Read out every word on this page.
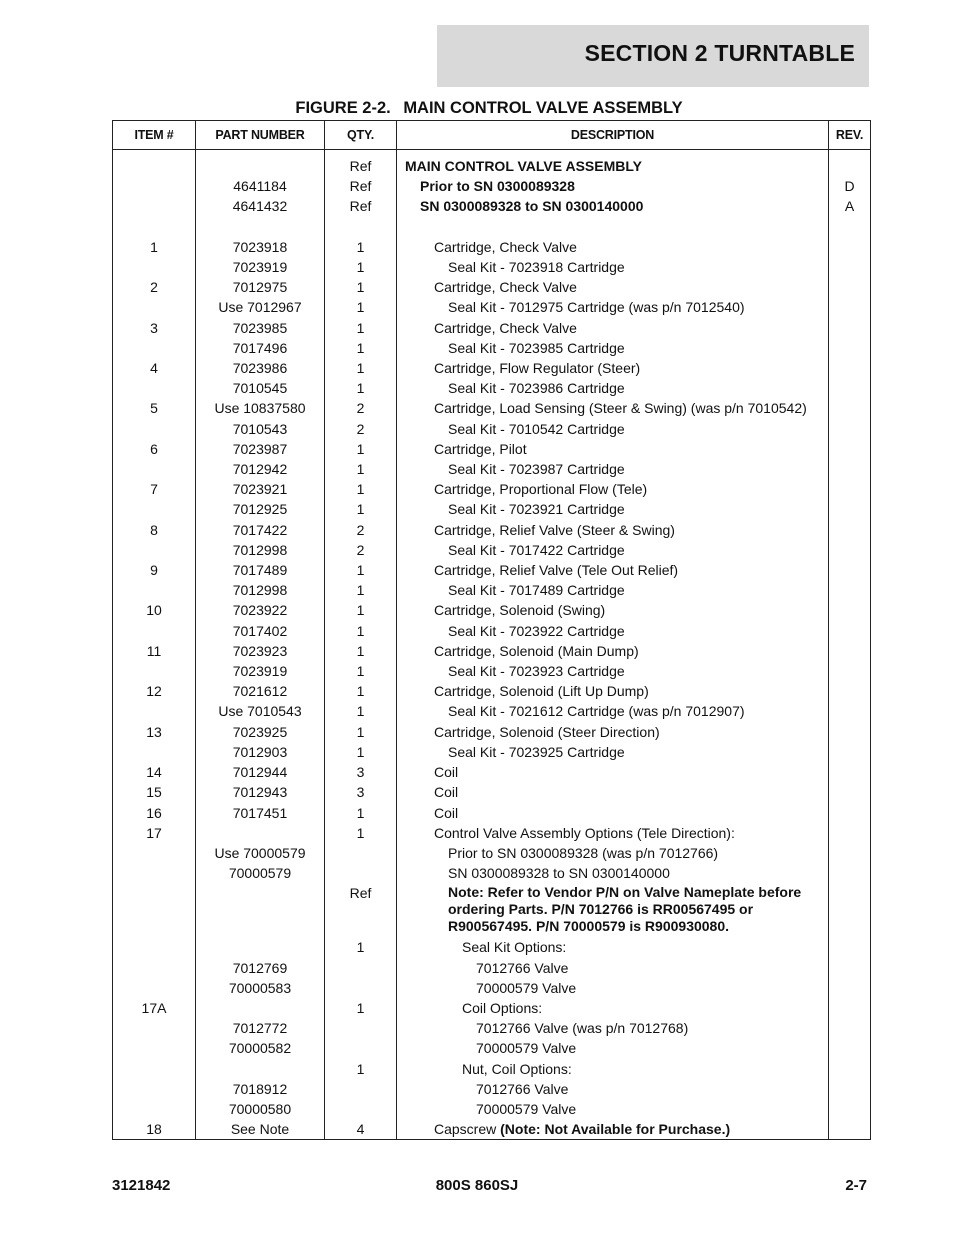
SECTION 2 TURNTABLE
FIGURE 2-2. MAIN CONTROL VALVE ASSEMBLY
ITEM #	PART NUMBER	QTY.	DESCRIPTION	REV.
		Ref	MAIN CONTROL VALVE ASSEMBLY	

	4641184	Ref	Prior to SN 0300089328	D
	4641432	Ref	SN 0300089328 to SN 0300140000	A

1	7023918	1	Cartridge, Check Valve	

	7023919	1	Seal Kit - 7023918 Cartridge	

2	7012975	1	Cartridge, Check Valve	

	Use 7012967	1	Seal Kit - 7012975 Cartridge (was p/n 7012540)	

3	7023985	1	Cartridge, Check Valve	

	7017496	1	Seal Kit - 7023985 Cartridge	

4	7023986	1	Cartridge, Flow Regulator (Steer)	

	7010545	1	Seal Kit - 7023986 Cartridge	

5	Use 10837580	2	Cartridge, Load Sensing (Steer & Swing) (was p/n 7010542)	

	7010543	2	Seal Kit - 7010542 Cartridge	

6	7023987	1	Cartridge, Pilot	

	7012942	1	Seal Kit - 7023987 Cartridge	

7	7023921	1	Cartridge, Proportional Flow (Tele)	

	7012925	1	Seal Kit - 7023921 Cartridge	

8	7017422	2	Cartridge, Relief Valve (Steer & Swing)	

	7012998	2	Seal Kit - 7017422 Cartridge	

9	7017489	1	Cartridge, Relief Valve (Tele Out Relief)	

	7012998	1	Seal Kit - 7017489 Cartridge	

10	7023922	1	Cartridge, Solenoid (Swing)	

	7017402	1	Seal Kit - 7023922 Cartridge	

11	7023923	1	Cartridge, Solenoid (Main Dump)	

	7023919	1	Seal Kit - 7023923 Cartridge	

12	7021612	1	Cartridge, Solenoid (Lift Up Dump)	

	Use 7010543	1	Seal Kit - 7021612 Cartridge (was p/n 7012907)	

13	7023925	1	Cartridge, Solenoid (Steer Direction)	

	7012903	1	Seal Kit - 7023925 Cartridge	

14	7012944	3	Coil	

15	7012943	3	Coil	

16	7017451	1	Coil	

17		1	Control Valve Assembly Options (Tele Direction):	

	Use 70000579		Prior to SN 0300089328 (was p/n 7012766)	

	70000579		SN 0300089328 to SN 0300140000	

		Ref	Note: Refer to Vendor P/N on Valve Nameplate before ordering Parts. P/N 7012766 is RR00567495 or R900567495. P/N 70000579 is R900930080.	

		1	Seal Kit Options:	

	7012769		7012766 Valve	

	70000583		70000579 Valve	

17A		1	Coil Options:	

	7012772		7012766 Valve (was p/n 7012768)	

	70000582		70000579 Valve	

		1	Nut, Coil Options:	

	7018912		7012766 Valve	

	70000580		70000579 Valve	

18	See Note	4	Capscrew (Note: Not Available for Purchase.)	

3121842	800S 860SJ	2-7
